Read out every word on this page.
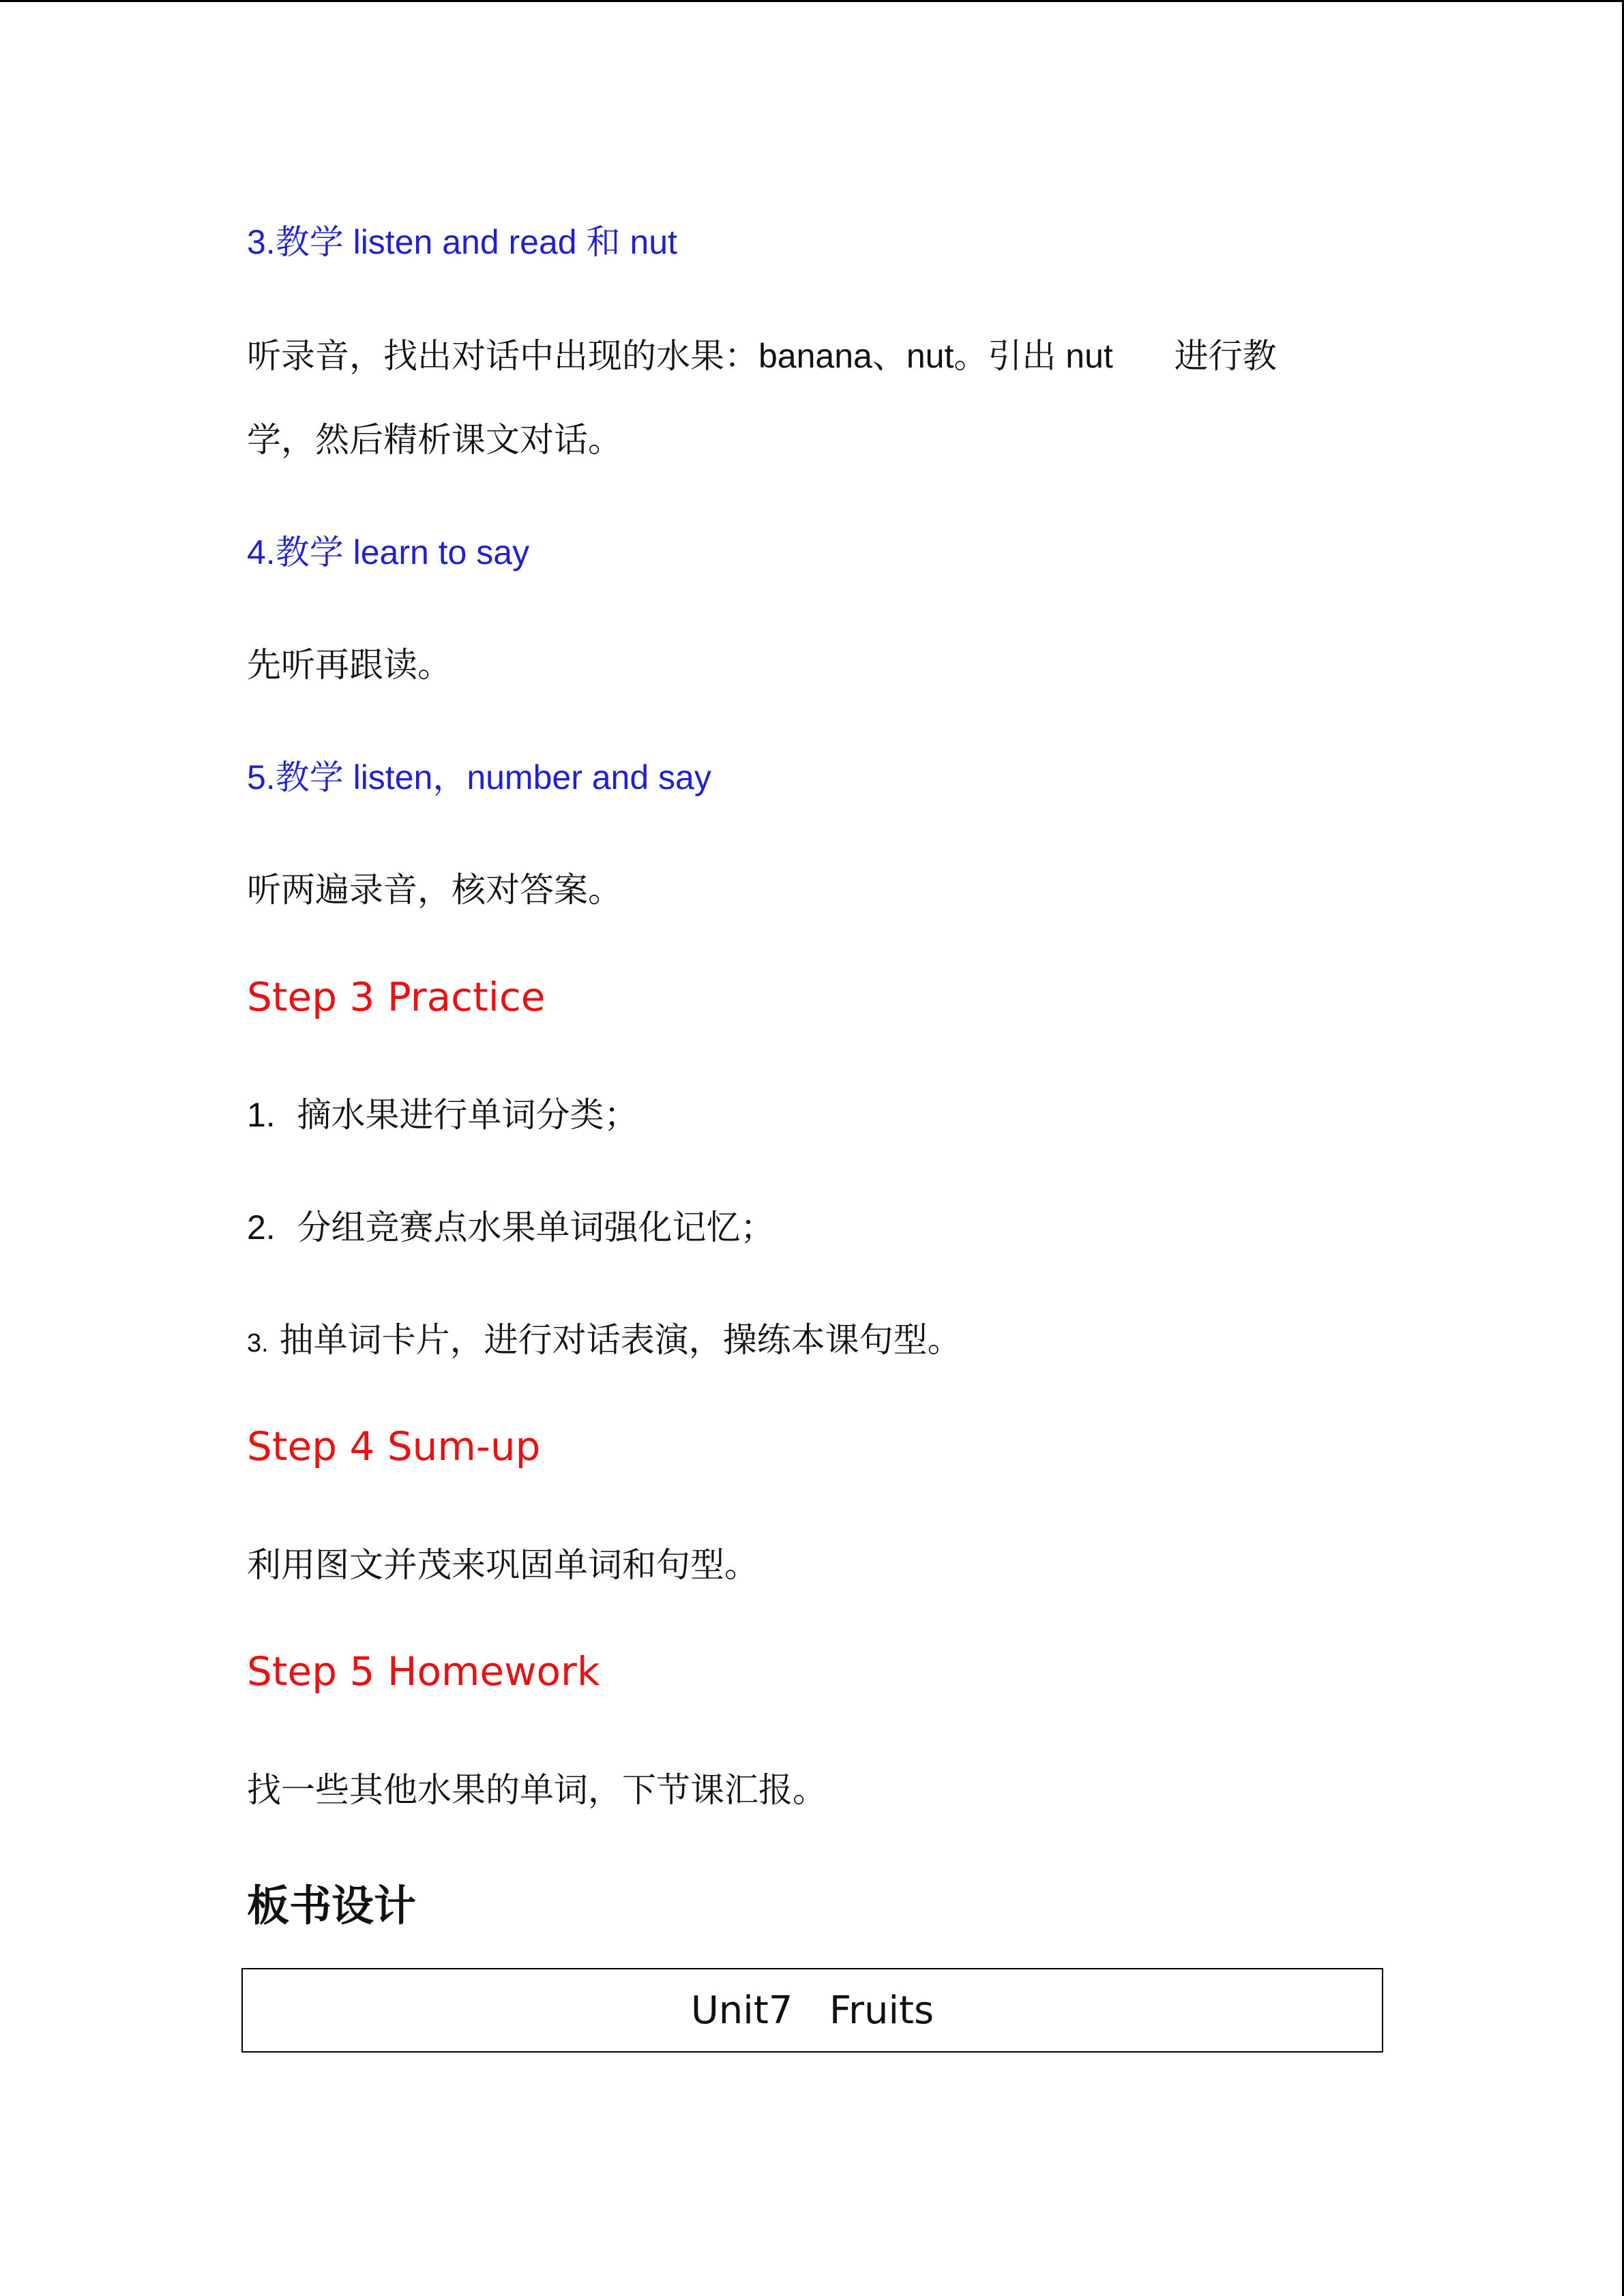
3.教学 listen and read 和 nut
听录音，找出对话中出现的水果：banana、nut。引出 nut 进行教
学，然后精析课文对话。
4.教学 learn to say
先听再跟读。
5.教学 listen，number and say
听两遍录音，核对答案。
Step 3 Practice
1. 摘水果进行单词分类；
2. 分组竞赛点水果单词强化记忆；
3. 抽单词卡片，进行对话表演，操练本课句型。
Step 4 Sum-up
利用图文并茂来巩固单词和句型。
Step 5 Homework
找一些其他水果的单词，下节课汇报。
板书设计
Unit7   Fruits
